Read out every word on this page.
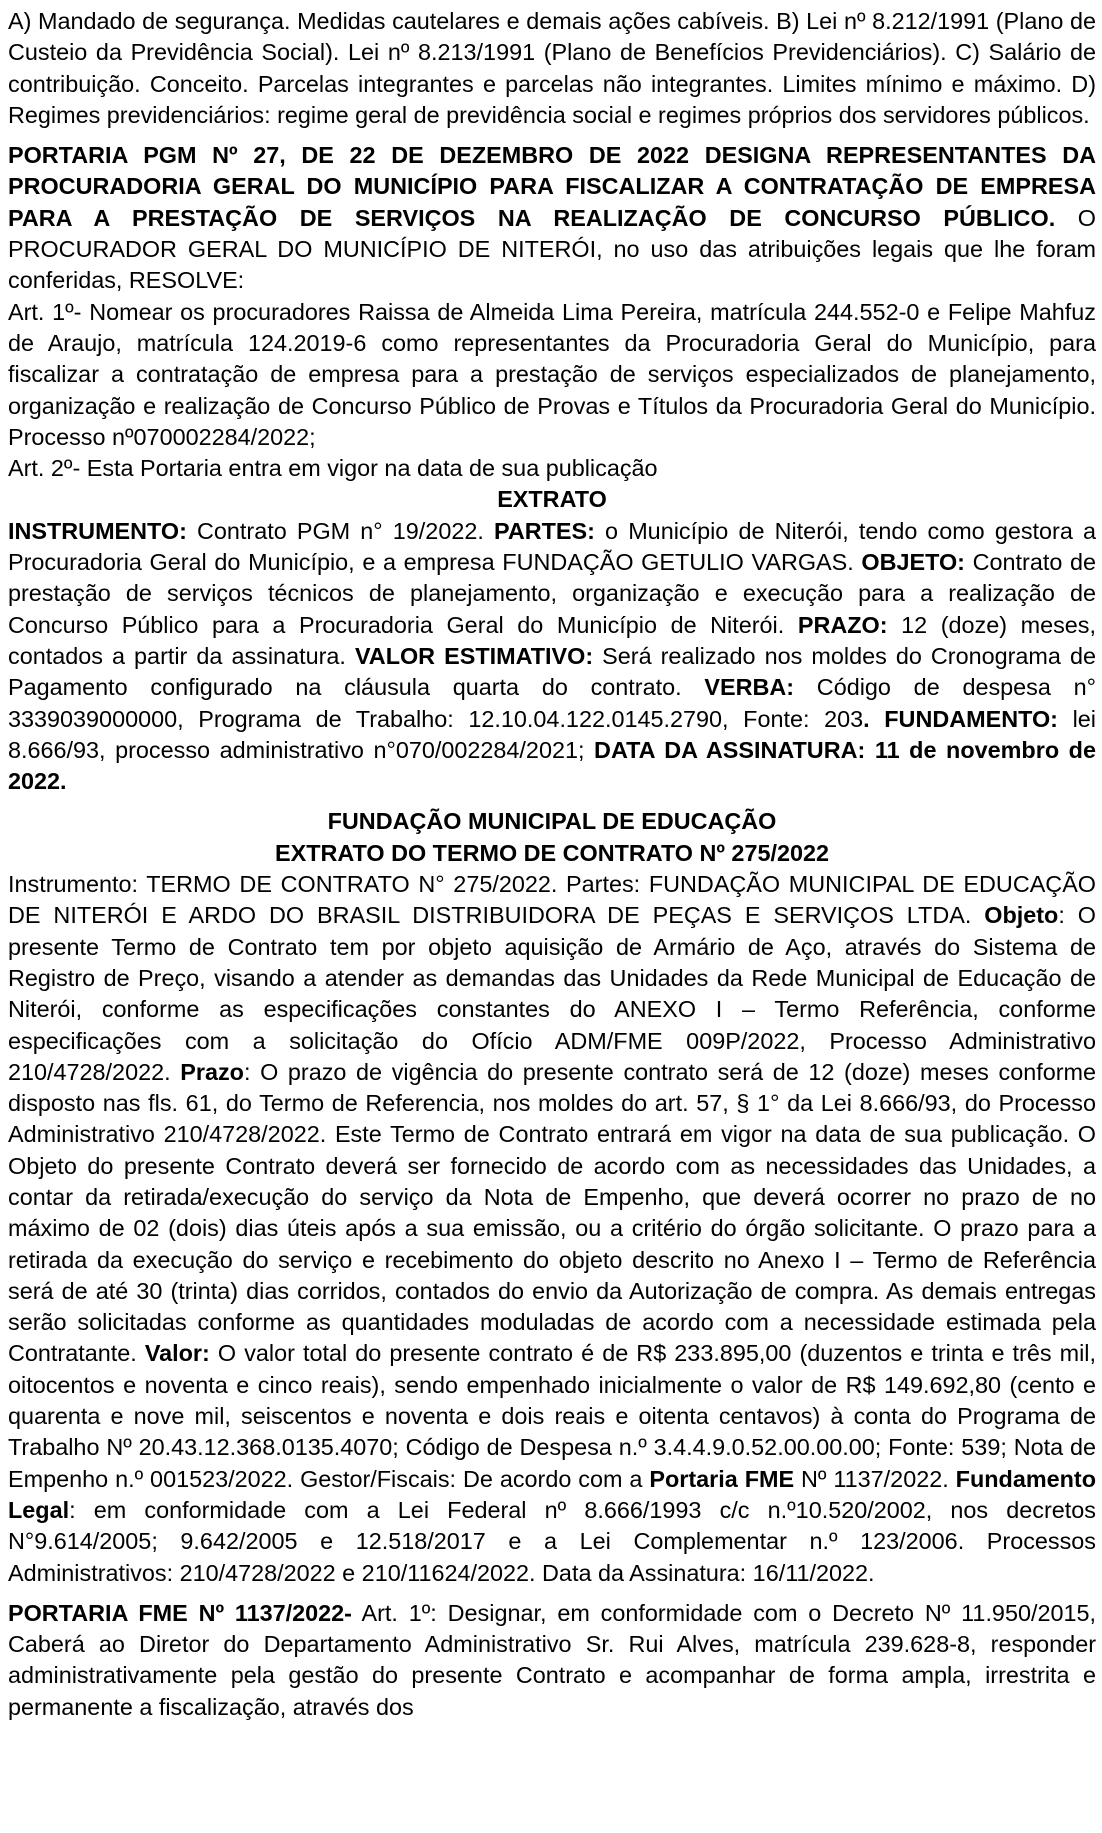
A) Mandado de segurança. Medidas cautelares e demais ações cabíveis. B) Lei nº 8.212/1991 (Plano de Custeio da Previdência Social). Lei nº 8.213/1991 (Plano de Benefícios Previdenciários). C) Salário de contribuição. Conceito. Parcelas integrantes e parcelas não integrantes. Limites mínimo e máximo. D) Regimes previdenciários: regime geral de previdência social e regimes próprios dos servidores públicos.

PORTARIA PGM Nº 27, DE 22 DE DEZEMBRO DE 2022 DESIGNA REPRESENTANTES DA PROCURADORIA GERAL DO MUNICÍPIO PARA FISCALIZAR A CONTRATAÇÃO DE EMPRESA PARA A PRESTAÇÃO DE SERVIÇOS NA REALIZAÇÃO DE CONCURSO PÚBLICO. O PROCURADOR GERAL DO MUNICÍPIO DE NITERÓI, no uso das atribuições legais que lhe foram conferidas, RESOLVE:

Art. 1º- Nomear os procuradores Raissa de Almeida Lima Pereira, matrícula 244.552-0 e Felipe Mahfuz de Araujo, matrícula 124.2019-6 como representantes da Procuradoria Geral do Município, para fiscalizar a contratação de empresa para a prestação de serviços especializados de planejamento, organização e realização de Concurso Público de Provas e Títulos da Procuradoria Geral do Município. Processo nº070002284/2022;

Art. 2º- Esta Portaria entra em vigor na data de sua publicação

EXTRATO

INSTRUMENTO: Contrato PGM n° 19/2022. PARTES: o Município de Niterói, tendo como gestora a Procuradoria Geral do Município, e a empresa FUNDAÇÃO GETULIO VARGAS. OBJETO: Contrato de prestação de serviços técnicos de planejamento, organização e execução para a realização de Concurso Público para a Procuradoria Geral do Município de Niterói. PRAZO: 12 (doze) meses, contados a partir da assinatura. VALOR ESTIMATIVO: Será realizado nos moldes do Cronograma de Pagamento configurado na cláusula quarta do contrato. VERBA: Código de despesa n° 3339039000000, Programa de Trabalho: 12.10.04.122.0145.2790, Fonte: 203. FUNDAMENTO: lei 8.666/93, processo administrativo n°070/002284/2021; DATA DA ASSINATURA: 11 de novembro de 2022.

FUNDAÇÃO MUNICIPAL DE EDUCAÇÃO
EXTRATO DO TERMO DE CONTRATO Nº 275/2022

Instrumento: TERMO DE CONTRATO N° 275/2022. Partes: FUNDAÇÃO MUNICIPAL DE EDUCAÇÃO DE NITERÓI E ARDO DO BRASIL DISTRIBUIDORA DE PEÇAS E SERVIÇOS LTDA. Objeto: O presente Termo de Contrato tem por objeto aquisição de Armário de Aço, através do Sistema de Registro de Preço, visando a atender as demandas das Unidades da Rede Municipal de Educação de Niterói, conforme as especificações constantes do ANEXO I – Termo Referência, conforme especificações com a solicitação do Ofício ADM/FME 009P/2022, Processo Administrativo 210/4728/2022. Prazo: O prazo de vigência do presente contrato será de 12 (doze) meses conforme disposto nas fls. 61, do Termo de Referencia, nos moldes do art. 57, § 1° da Lei 8.666/93, do Processo Administrativo 210/4728/2022. Este Termo de Contrato entrará em vigor na data de sua publicação. O Objeto do presente Contrato deverá ser fornecido de acordo com as necessidades das Unidades, a contar da retirada/execução do serviço da Nota de Empenho, que deverá ocorrer no prazo de no máximo de 02 (dois) dias úteis após a sua emissão, ou a critério do órgão solicitante. O prazo para a retirada da execução do serviço e recebimento do objeto descrito no Anexo I – Termo de Referência será de até 30 (trinta) dias corridos, contados do envio da Autorização de compra. As demais entregas serão solicitadas conforme as quantidades moduladas de acordo com a necessidade estimada pela Contratante. Valor: O valor total do presente contrato é de R$ 233.895,00 (duzentos e trinta e três mil, oitocentos e noventa e cinco reais), sendo empenhado inicialmente o valor de R$ 149.692,80 (cento e quarenta e nove mil, seiscentos e noventa e dois reais e oitenta centavos) à conta do Programa de Trabalho Nº 20.43.12.368.0135.4070; Código de Despesa n.º 3.4.4.9.0.52.00.00.00; Fonte: 539; Nota de Empenho n.º 001523/2022. Gestor/Fiscais: De acordo com a Portaria FME Nº 1137/2022. Fundamento Legal: em conformidade com a Lei Federal nº 8.666/1993 c/c n.º10.520/2002, nos decretos N°9.614/2005; 9.642/2005 e 12.518/2017 e a Lei Complementar n.º 123/2006. Processos Administrativos: 210/4728/2022 e 210/11624/2022. Data da Assinatura: 16/11/2022.

PORTARIA FME Nº 1137/2022- Art. 1º: Designar, em conformidade com o Decreto Nº 11.950/2015, Caberá ao Diretor do Departamento Administrativo Sr. Rui Alves, matrícula 239.628-8, responder administrativamente pela gestão do presente Contrato e acompanhar de forma ampla, irrestrita e permanente a fiscalização, através dos
